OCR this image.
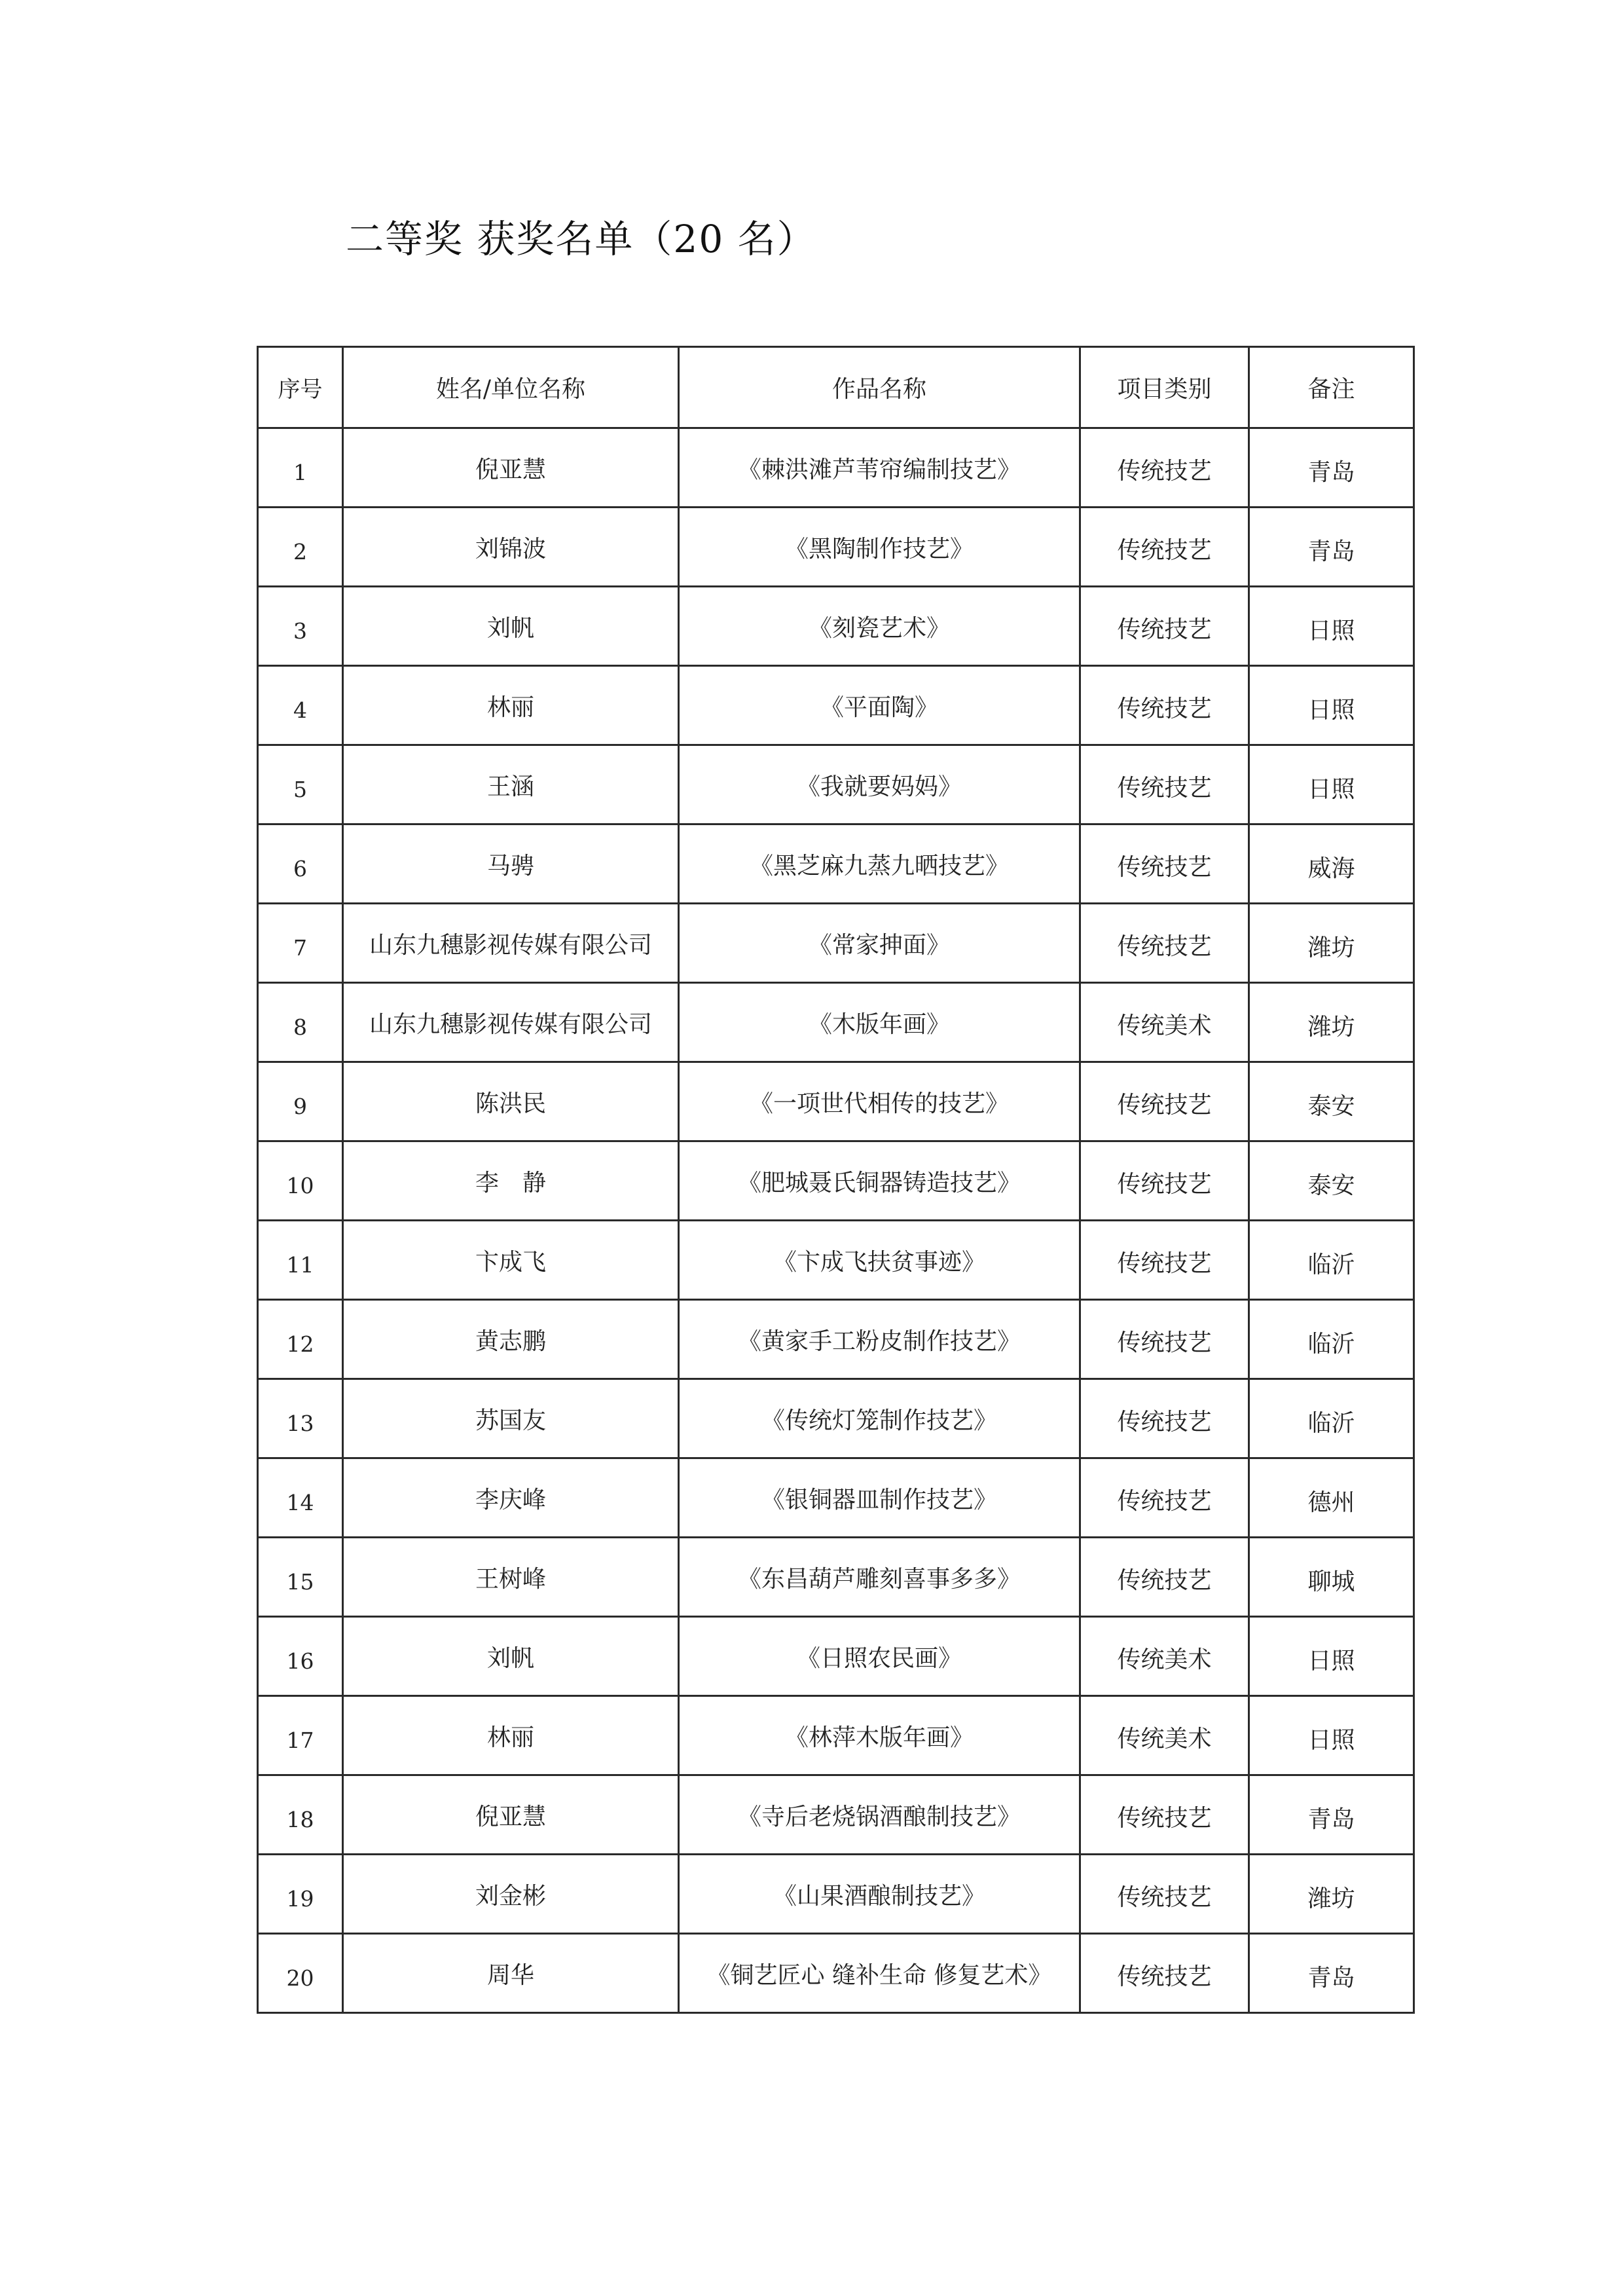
二等奖 获奖名单（20 名）
序号	姓名/单位名称	作品名称	项目类别	备注
1	倪亚慧	《棘洪滩芦苇帘编制技艺》	传统技艺	青岛
2	刘锦波	《黑陶制作技艺》	传统技艺	青岛
3	刘帆	《刻瓷艺术》	传统技艺	日照
4	林丽	《平面陶》	传统技艺	日照
5	王涵	《我就要妈妈》	传统技艺	日照
6	马骋	《黑芝麻九蒸九晒技艺》	传统技艺	威海
7	山东九穗影视传媒有限公司	《常家抻面》	传统技艺	潍坊
8	山东九穗影视传媒有限公司	《木版年画》	传统美术	潍坊
9	陈洪民	《一项世代相传的技艺》	传统技艺	泰安
10	李　静	《肥城聂氏铜器铸造技艺》	传统技艺	泰安
11	卞成飞	《卞成飞扶贫事迹》	传统技艺	临沂
12	黄志鹏	《黄家手工粉皮制作技艺》	传统技艺	临沂
13	苏国友	《传统灯笼制作技艺》	传统技艺	临沂
14	李庆峰	《银铜器皿制作技艺》	传统技艺	德州
15	王树峰	《东昌葫芦雕刻喜事多多》	传统技艺	聊城
16	刘帆	《日照农民画》	传统美术	日照
17	林丽	《林萍木版年画》	传统美术	日照
18	倪亚慧	《寺后老烧锅酒酿制技艺》	传统技艺	青岛
19	刘金彬	《山果酒酿制技艺》	传统技艺	潍坊
20	周华	《铜艺匠心 缝补生命 修复艺术》	传统技艺	青岛
